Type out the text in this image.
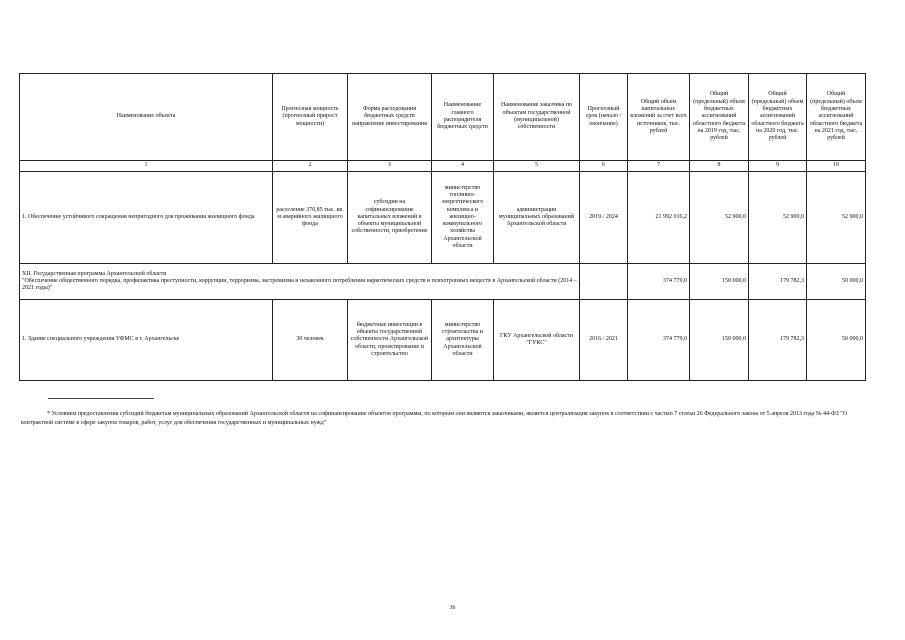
Наименование объекта	Прогнозная мощность (прогнозный прирост мощности)	Форма расходования бюджетных средств направление инвестирования	Наименование главного распорядителя бюджетных средств	Наименование заказчика по объектам государственной (муниципальной) собственности	Прогнозный срок (начало / окончание)	Общий объем капитальных вложений за счет всех источников, тыс. рублей	Общий (предельный) объем бюджетных ассигнований областного бюджета на 2019 год, тыс. рублей	Общий (предельный) объем бюджетных ассигнований областного бюджета на 2020 год, тыс. рублей	Общий (предельный) объем бюджетных ассигнований областного бюджета на 2021 год, тыс. рублей
1	2	3	4	5	6	7	8	9	10
1. Обеспечение устойчивого сокращения непригодного для проживания жилищного фонда	расселение 370,85 тыс. кв. м аварийного жилищного фонда	субсидии на софинансирование капитальных вложений в объекты муниципальной собственности, приобретение	министерство топливно-энергетического комплекса и жилищно-коммунального хозяйства Архангельской области	администрации муниципальных образований Архангельской области	2019 / 2024	21 992 016,2	52 900,0	52 900,0	52 900,0

XII. Государственная программа Архангельской области
"Обеспечение общественного порядка, профилактика преступности, коррупции, терроризма, экстремизма и незаконного потребления наркотических средств и психотропных веществ в Архангельской области (2014 – 2021 годы)"						374 779,0	150 000,0	179 782,3	50 000,0
1. Здание специального учреждения УФМС в г. Архангельске	30 человек	бюджетные инвестиции в объекты государственной собственности Архангельской области, проектирование и строительство	министерство строительства и архитектуры Архангельской области	ГКУ Архангельской области "ГУКС"	2016 / 2021	374 779,0	150 000,0	179 782,3	50 000,0
* Условием предоставления субсидий бюджетам муниципальных образований Архангельской области на софинансирование объектов программы, по которым они являются заказчиками, является централизация закупок в соответствии с частью 7 статьи 26 Федерального закона от 5 апреля 2013 года № 44-ФЗ "О контрактной системе в сфере закупок товаров, работ, услуг для обеспечения государственных и муниципальных нужд"
36
